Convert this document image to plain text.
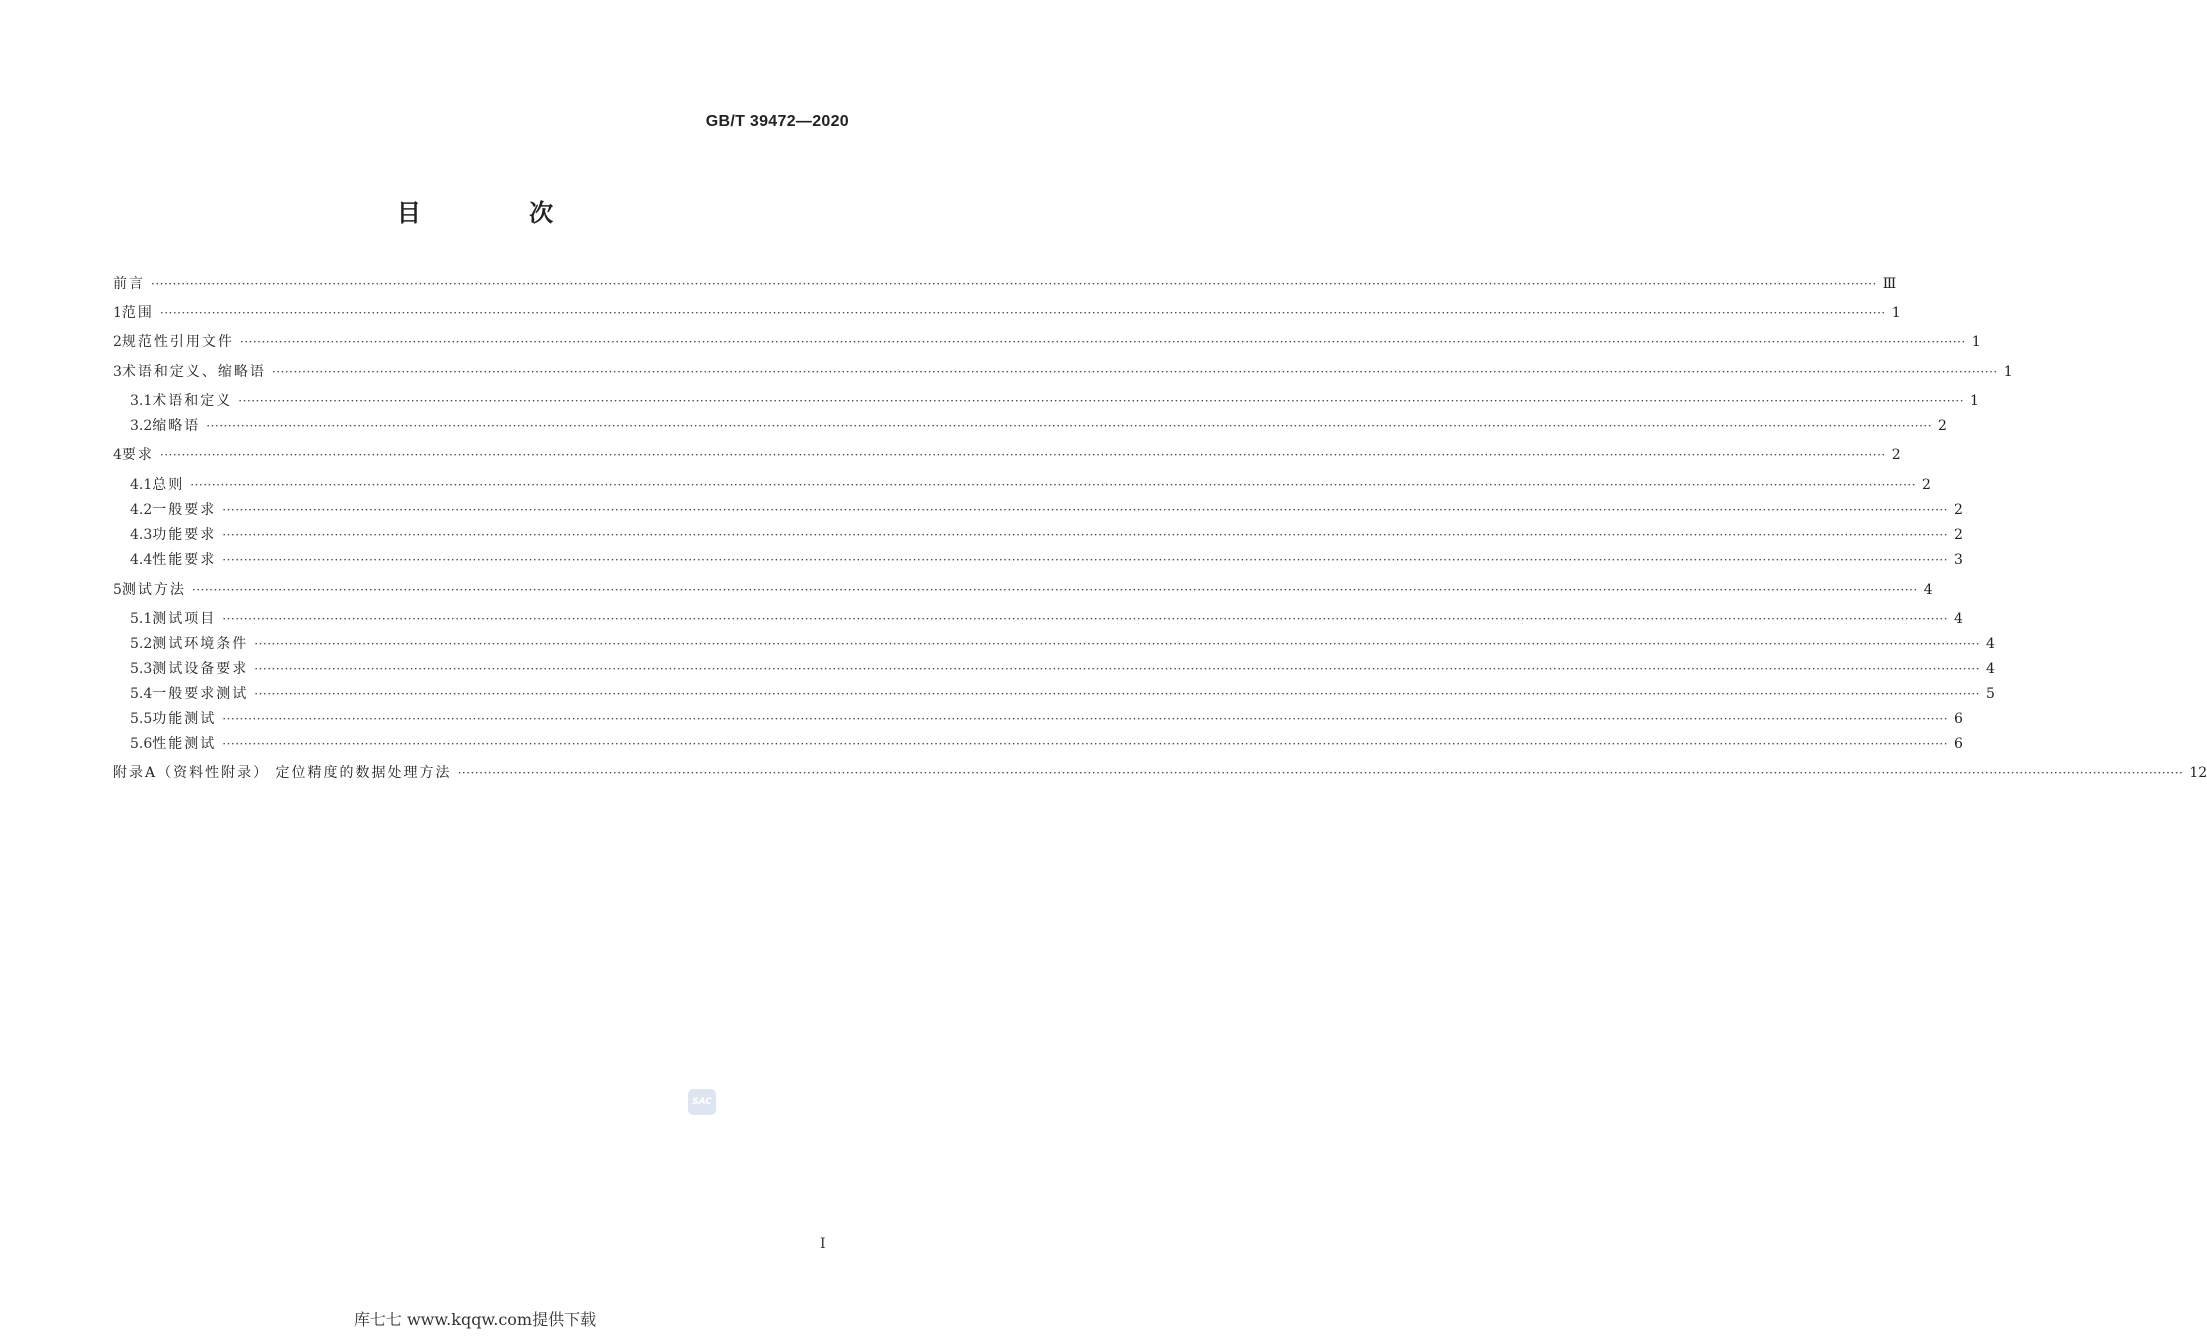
GB/T 39472—2020
目 次
前言 ················································································································································································································································································································································································································ Ⅲ
1 范围 ················································································································································································································································································································································································································ 1
2 规范性引用文件 ················································································································································································································································································································································································································ 1
3 术语和定义、缩略语 ················································································································································································································································································································································································································ 1
3.1 术语和定义 ················································································································································································································································································································································································································ 1
3.2 缩略语 ················································································································································································································································································································································································································ 2
4 要求 ················································································································································································································································································································································································································ 2
4.1 总则 ················································································································································································································································································································································································································ 2
4.2 一般要求 ················································································································································································································································································································································································································ 2
4.3 功能要求 ················································································································································································································································································································································································································ 2
4.4 性能要求 ················································································································································································································································································································································································································ 3
5 测试方法 ················································································································································································································································································································································································································ 4
5.1 测试项目 ················································································································································································································································································································································································································ 4
5.2 测试环境条件 ················································································································································································································································································································································································································ 4
5.3 测试设备要求 ················································································································································································································································································································································································································ 4
5.4 一般要求测试 ················································································································································································································································································································································································································ 5
5.5 功能测试 ················································································································································································································································································································································································································ 6
5.6 性能测试 ················································································································································································································································································································································································································ 6
附录A（资料性附录） 定位精度的数据处理方法 ················································································································································································································································································································································································································ 12
SAC
I
库七七 www.kqqw.com提供下载
